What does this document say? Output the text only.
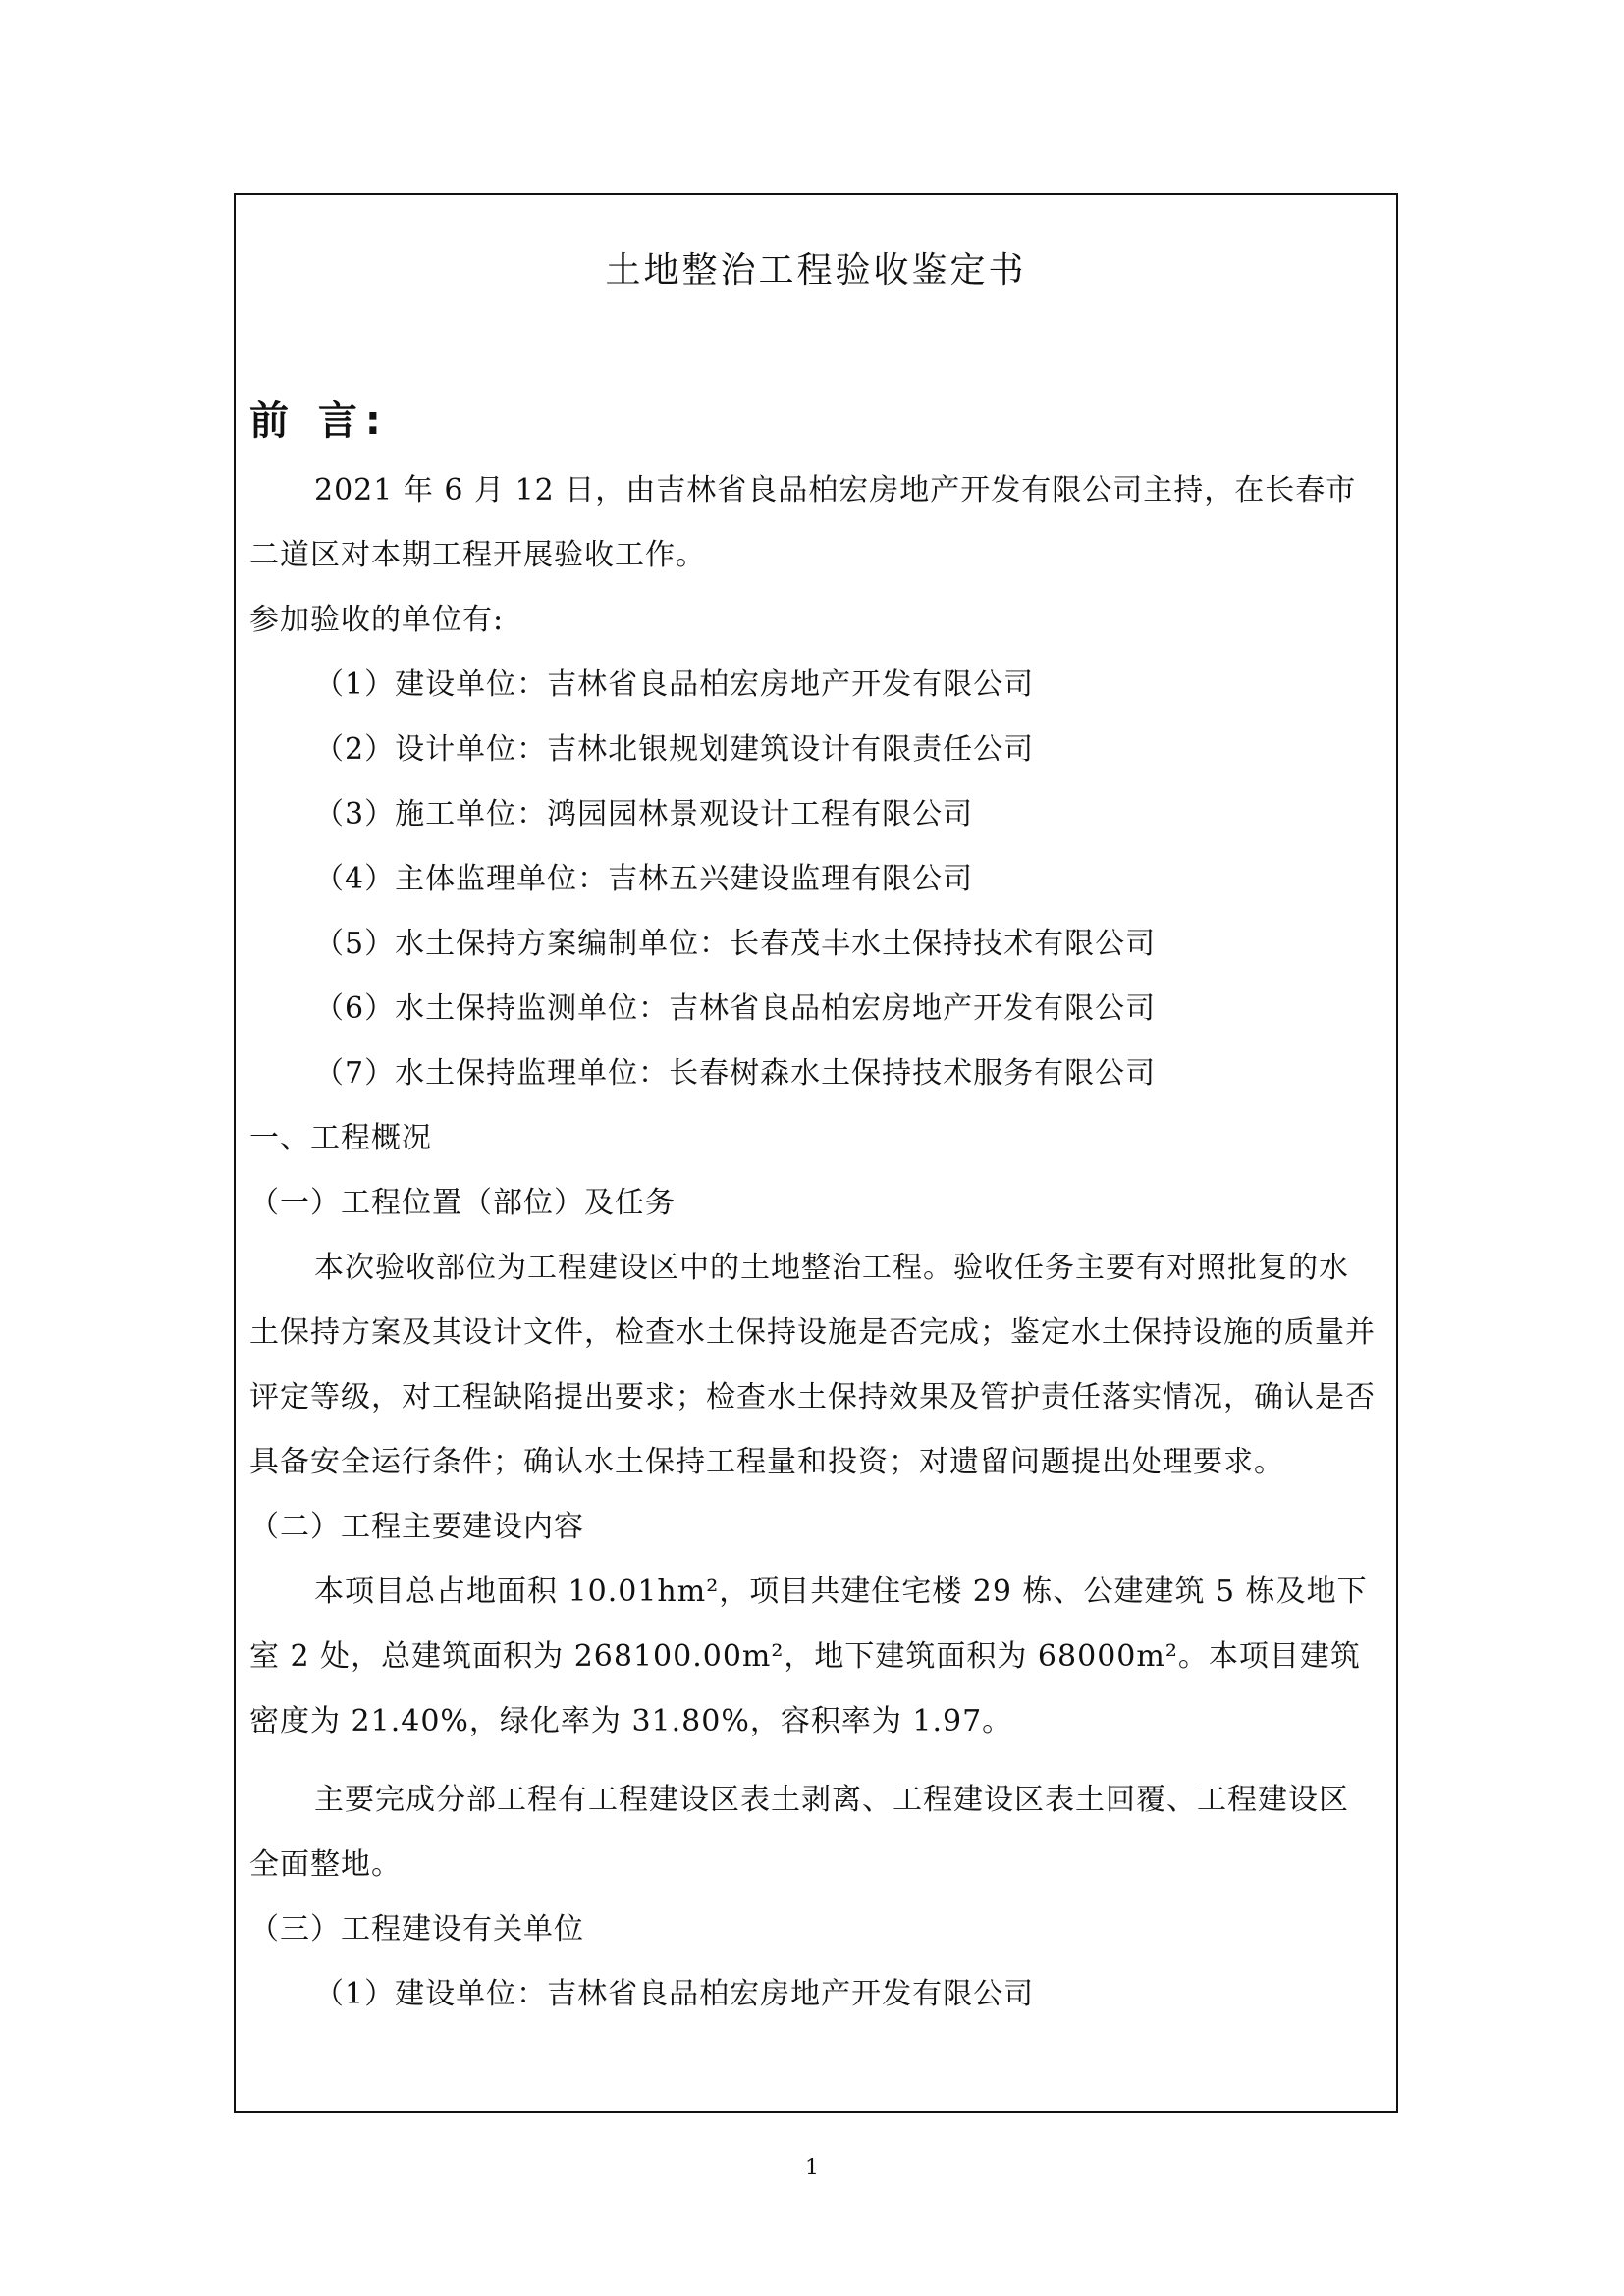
土地整治工程验收鉴定书
前 言:

2021 年 6 月 12 日，由吉林省良品柏宏房地产开发有限公司主持，在长春市二道区对本期工程开展验收工作。

参加验收的单位有:

（1）建设单位：吉林省良品柏宏房地产开发有限公司

（2）设计单位：吉林北银规划建筑设计有限责任公司

（3）施工单位：鸿园园林景观设计工程有限公司

（4）主体监理单位：吉林五兴建设监理有限公司

（5）水土保持方案编制单位：长春茂丰水土保持技术有限公司

（6）水土保持监测单位：吉林省良品柏宏房地产开发有限公司

（7）水土保持监理单位：长春树森水土保持技术服务有限公司

一、工程概况

（一）工程位置（部位）及任务

本次验收部位为工程建设区中的土地整治工程。验收任务主要有对照批复的水土保持方案及其设计文件，检查水土保持设施是否完成；鉴定水土保持设施的质量并评定等级，对工程缺陷提出要求；检查水土保持效果及管护责任落实情况，确认是否具备安全运行条件；确认水土保持工程量和投资；对遗留问题提出处理要求。

（二）工程主要建设内容

本项目总占地面积 10.01hm²，项目共建住宅楼 29 栋、公建建筑 5 栋及地下室 2 处，总建筑面积为 268100.00m²，地下建筑面积为 68000m²。本项目建筑密度为 21.40%，绿化率为 31.80%，容积率为 1.97。

主要完成分部工程有工程建设区表土剥离、工程建设区表土回覆、工程建设区全面整地。

（三）工程建设有关单位

（1）建设单位：吉林省良品柏宏房地产开发有限公司

1
